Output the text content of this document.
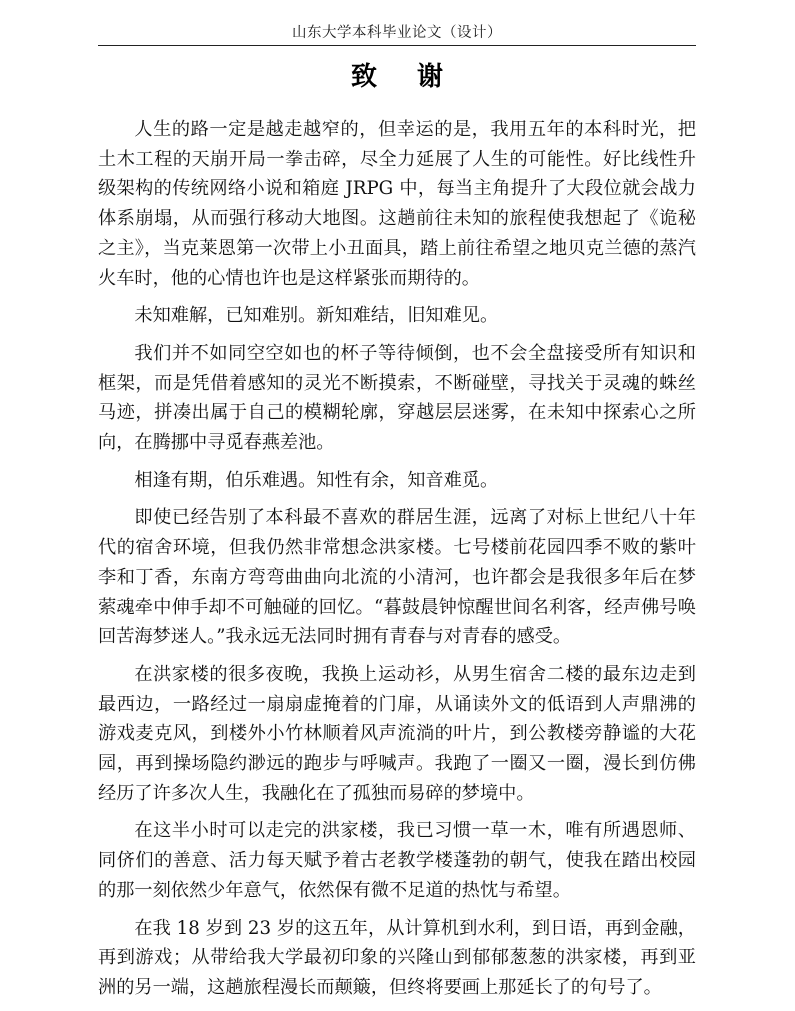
山东大学本科毕业论文（设计）
致谢

人生的路一定是越走越窄的，但幸运的是，我用五年的本科时光，把土木工程的天崩开局一拳击碎，尽全力延展了人生的可能性。好比线性升级架构的传统网络小说和箱庭 JRPG 中，每当主角提升了大段位就会战力体系崩塌，从而强行移动大地图。这趟前往未知的旅程使我想起了《诡秘之主》，当克莱恩第一次带上小丑面具，踏上前往希望之地贝克兰德的蒸汽火车时，他的心情也许也是这样紧张而期待的。

未知难解，已知难别。新知难结，旧知难见。

我们并不如同空空如也的杯子等待倾倒，也不会全盘接受所有知识和框架，而是凭借着感知的灵光不断摸索，不断碰壁，寻找关于灵魂的蛛丝马迹，拼凑出属于自己的模糊轮廓，穿越层层迷雾，在未知中探索心之所向，在腾挪中寻觅春燕差池。

相逢有期，伯乐难遇。知性有余，知音难觅。

即使已经告别了本科最不喜欢的群居生涯，远离了对标上世纪八十年代的宿舍环境，但我仍然非常想念洪家楼。七号楼前花园四季不败的紫叶李和丁香，东南方弯弯曲曲向北流的小清河，也许都会是我很多年后在梦萦魂牵中伸手却不可触碰的回忆。“暮鼓晨钟惊醒世间名利客，经声佛号唤回苦海梦迷人。”我永远无法同时拥有青春与对青春的感受。

在洪家楼的很多夜晚，我换上运动衫，从男生宿舍二楼的最东边走到最西边，一路经过一扇扇虚掩着的门扉，从诵读外文的低语到人声鼎沸的游戏麦克风，到楼外小竹林顺着风声流淌的叶片，到公教楼旁静谧的大花园，再到操场隐约渺远的跑步与呼喊声。我跑了一圈又一圈，漫长到仿佛经历了许多次人生，我融化在了孤独而易碎的梦境中。

在这半小时可以走完的洪家楼，我已习惯一草一木，唯有所遇恩师、同侪们的善意、活力每天赋予着古老教学楼蓬勃的朝气，使我在踏出校园的那一刻依然少年意气，依然保有微不足道的热忱与希望。

在我 18 岁到 23 岁的这五年，从计算机到水利，到日语，再到金融，再到游戏；从带给我大学最初印象的兴隆山到郁郁葱葱的洪家楼，再到亚洲的另一端，这趟旅程漫长而颠簸，但终将要画上那延长了的句号了。
